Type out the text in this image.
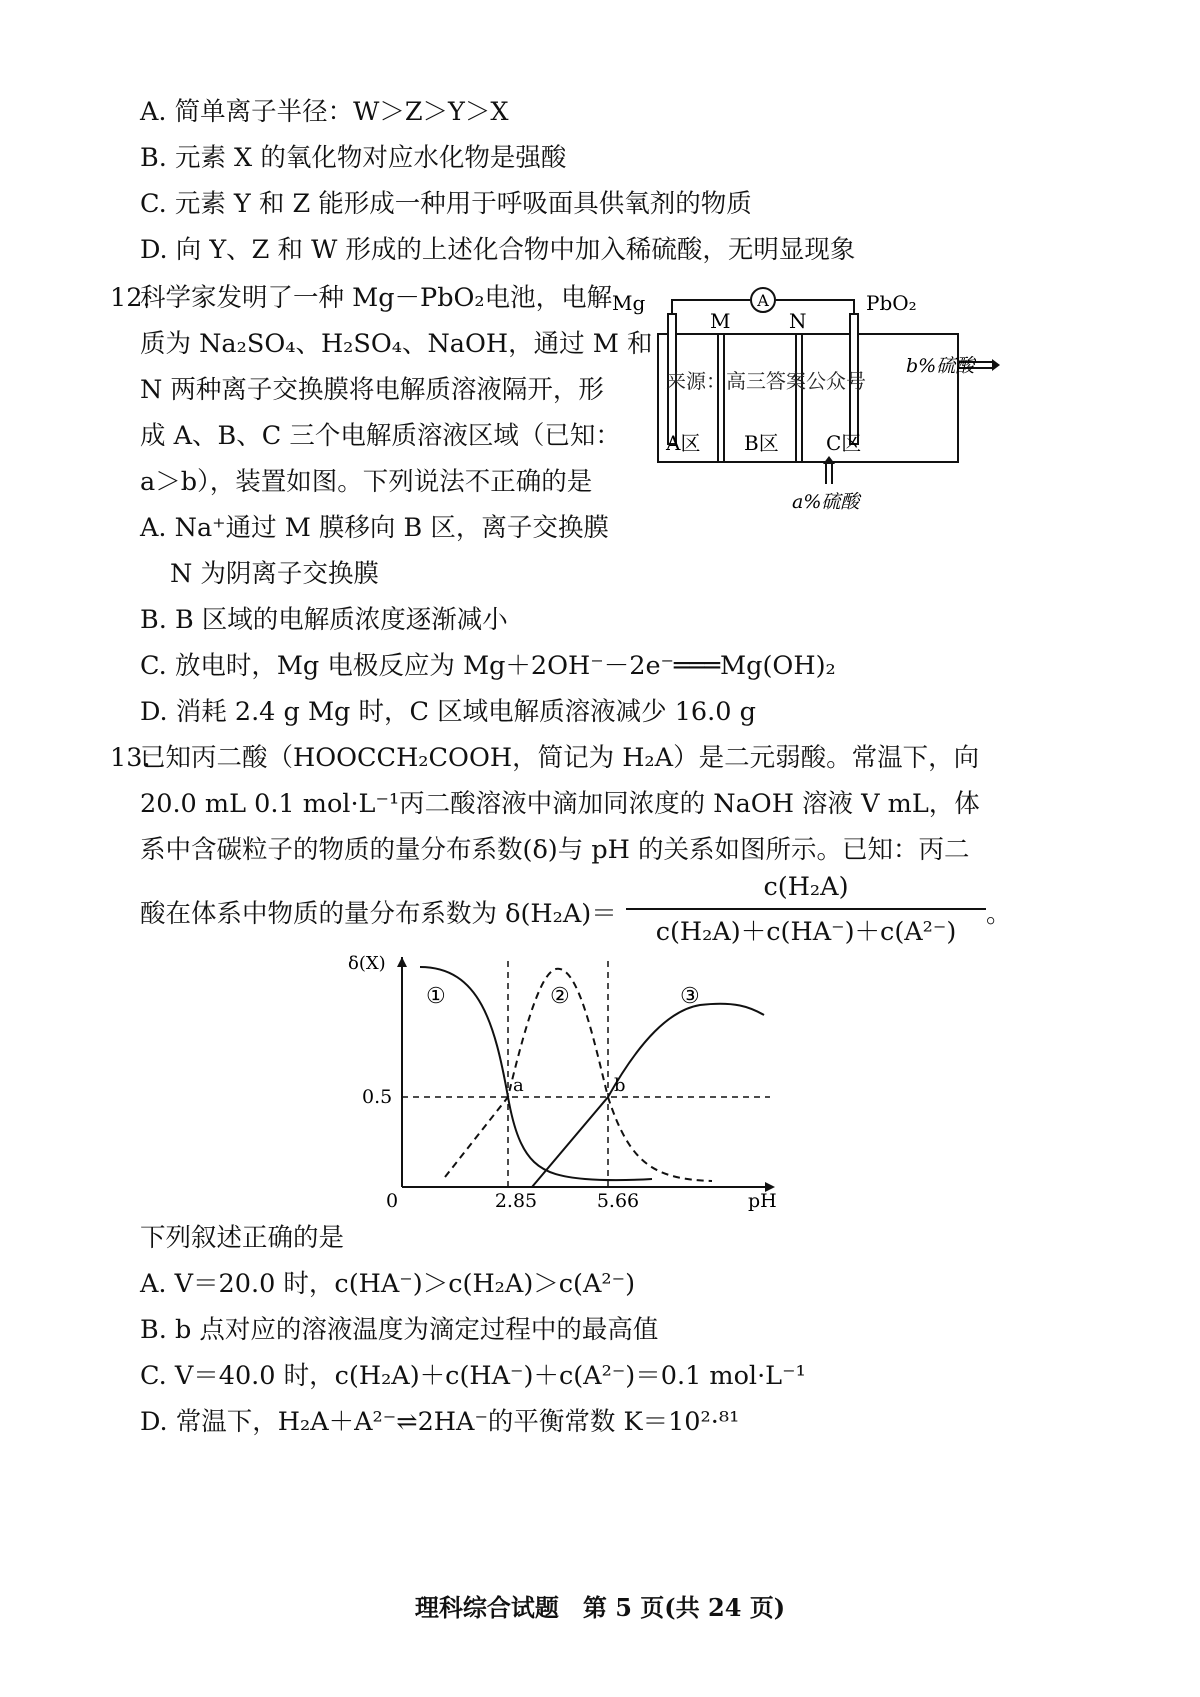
A. 简单离子半径：W＞Z＞Y＞X
B. 元素 X 的氧化物对应水化物是强酸
C. 元素 Y 和 Z 能形成一种用于呼吸面具供氧剂的物质
D. 向 Y、Z 和 W 形成的上述化合物中加入稀硫酸，无明显现象
12.
科学家发明了一种 Mg－PbO₂电池，电解
质为 Na₂SO₄、H₂SO₄、NaOH，通过 M 和
N 两种离子交换膜将电解质溶液隔开，形
成 A、B、C 三个电解质溶液区域（已知：
a＞b），装置如图。下列说法不正确的是
A. Na⁺通过 M 膜移向 B 区，离子交换膜
N 为阴离子交换膜
B. B 区域的电解质浓度逐渐减小
C. 放电时，Mg 电极反应为 Mg＋2OH⁻－2e⁻═══Mg(OH)₂
D. 消耗 2.4 g Mg 时，C 区域电解质溶液减少 16.0 g
A
Mg	PbO₂
M	N
A区 B区 C区
b%硫酸
a%硫酸
来源：高三答案公众号
13.
已知丙二酸（HOOCCH₂COOH，简记为 H₂A）是二元弱酸。常温下，向
20.0 mL 0.1 mol·L⁻¹丙二酸溶液中滴加同浓度的 NaOH 溶液 V mL，体
系中含碳粒子的物质的量分布系数(δ)与 pH 的关系如图所示。已知：丙二
酸在体系中物质的量分布系数为 δ(H₂A)＝
c(H₂A)
c(H₂A)＋c(HA⁻)＋c(A²⁻)
。
δ(X)
pH
0	2.85	5.66
0.5
a	b
①	②	③
下列叙述正确的是
A. V＝20.0 时，c(HA⁻)＞c(H₂A)＞c(A²⁻)
B. b 点对应的溶液温度为滴定过程中的最高值
C. V＝40.0 时，c(H₂A)＋c(HA⁻)＋c(A²⁻)＝0.1 mol·L⁻¹
D. 常温下，H₂A＋A²⁻⇌2HA⁻的平衡常数 K＝10²·⁸¹
理科综合试题　第 5 页(共 24 页)
